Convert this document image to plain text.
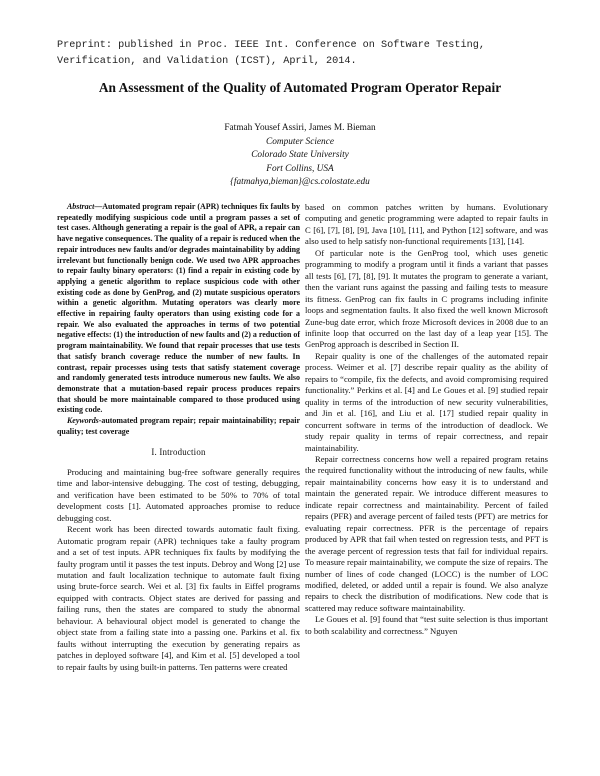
Preprint: published in Proc. IEEE Int. Conference on Software Testing,
Verification, and Validation (ICST), April, 2014.
An Assessment of the Quality of Automated Program Operator Repair
Fatmah Yousef Assiri, James M. Bieman
Computer Science
Colorado State University
Fort Collins, USA
{fatmahya,bieman}@cs.colostate.edu

Abstract—Automated program repair (APR) techniques fix faults by repeatedly modifying suspicious code until a program passes a set of test cases. Although generating a repair is the goal of APR, a repair can have negative consequences. The quality of a repair is reduced when the repair introduces new faults and/or degrades maintainability by adding irrelevant but functionally benign code. We used two APR approaches to repair faulty binary operators: (1) find a repair in existing code by applying a genetic algorithm to replace suspicious code with other existing code as done by GenProg, and (2) mutate suspicious operators within a genetic algorithm. Mutating operators was clearly more effective in repairing faulty operators than using existing code for a repair. We also evaluated the approaches in terms of two potential negative effects: (1) the introduction of new faults and (2) a reduction of program maintainability. We found that repair processes that use tests that satisfy branch coverage reduce the number of new faults. In contrast, repair processes using tests that satisfy statement coverage and randomly generated tests introduce numerous new faults. We also demonstrate that a mutation-based repair process produces repairs that should be more maintainable compared to those produced using existing code.

Keywords-automated program repair; repair maintainability; repair quality; test coverage

I. Introduction

Producing and maintaining bug-free software generally requires time and labor-intensive debugging. The cost of testing, debugging, and verification have been estimated to be 50% to 70% of total development costs [1]. Automated approaches promise to reduce debugging cost.

Recent work has been directed towards automatic fault fixing. Automatic program repair (APR) techniques take a faulty program and a set of test inputs. APR techniques fix faults by modifying the faulty program until it passes the test inputs. Debroy and Wong [2] use mutation and fault localization technique to automate fault fixing using brute-force search. Wei et al. [3] fix faults in Eiffel programs equipped with contracts. Object states are derived for passing and failing runs, then the states are compared to study the abnormal behaviour. A behavioural object model is generated to change the object state from a failing state into a passing one. Parkins et al. fix faults without interrupting the execution by generating repairs as patches in deployed software [4], and Kim et al. [5] developed a tool to repair faults by using built-in patterns. Ten patterns were created

based on common patches written by humans. Evolutionary computing and genetic programming were adapted to repair faults in C [6], [7], [8], [9], Java [10], [11], and Python [12] software, and was also used to help satisfy non-functional requirements [13], [14].

Of particular note is the GenProg tool, which uses genetic programming to modify a program until it finds a variant that passes all tests [6], [7], [8], [9]. It mutates the program to generate a variant, then the variant runs against the passing and failing tests to measure its fitness. GenProg can fix faults in C programs including infinite loops and segmentation faults. It also fixed the well known Microsoft Zune-bug date error, which froze Microsoft devices in 2008 due to an infinite loop that occurred on the last day of a leap year [15]. The GenProg approach is described in Section II.

Repair quality is one of the challenges of the automated repair process. Weimer et al. [7] describe repair quality as the ability of repairs to “compile, fix the defects, and avoid compromising required functionality.” Perkins et al. [4] and Le Goues et al. [9] studied repair quality in terms of the introduction of new security vulnerabilities, and Jin et al. [16], and Liu et al. [17] studied repair quality in concurrent software in terms of the introduction of deadlock. We study repair quality in terms of repair correctness, and repair maintainability.

Repair correctness concerns how well a repaired program retains the required functionality without the introducing of new faults, while repair maintainability concerns how easy it is to understand and maintain the generated repair. We introduce different measures to indicate repair correctness and maintainability. Percent of failed repairs (PFR) and average percent of failed tests (PFT) are metrics for evaluating repair correctness. PFR is the percentage of repairs produced by APR that fail when tested on regression tests, and PFT is the average percent of regression tests that fail for individual repairs. To measure repair maintainability, we compute the size of repairs. The number of lines of code changed (LOCC) is the number of LOC modified, deleted, or added until a repair is found. We also analyze repairs to check the distribution of modifications. New code that is scattered may reduce software maintainability.

Le Goues et al. [9] found that “test suite selection is thus important to both scalability and correctness.” Nguyen
